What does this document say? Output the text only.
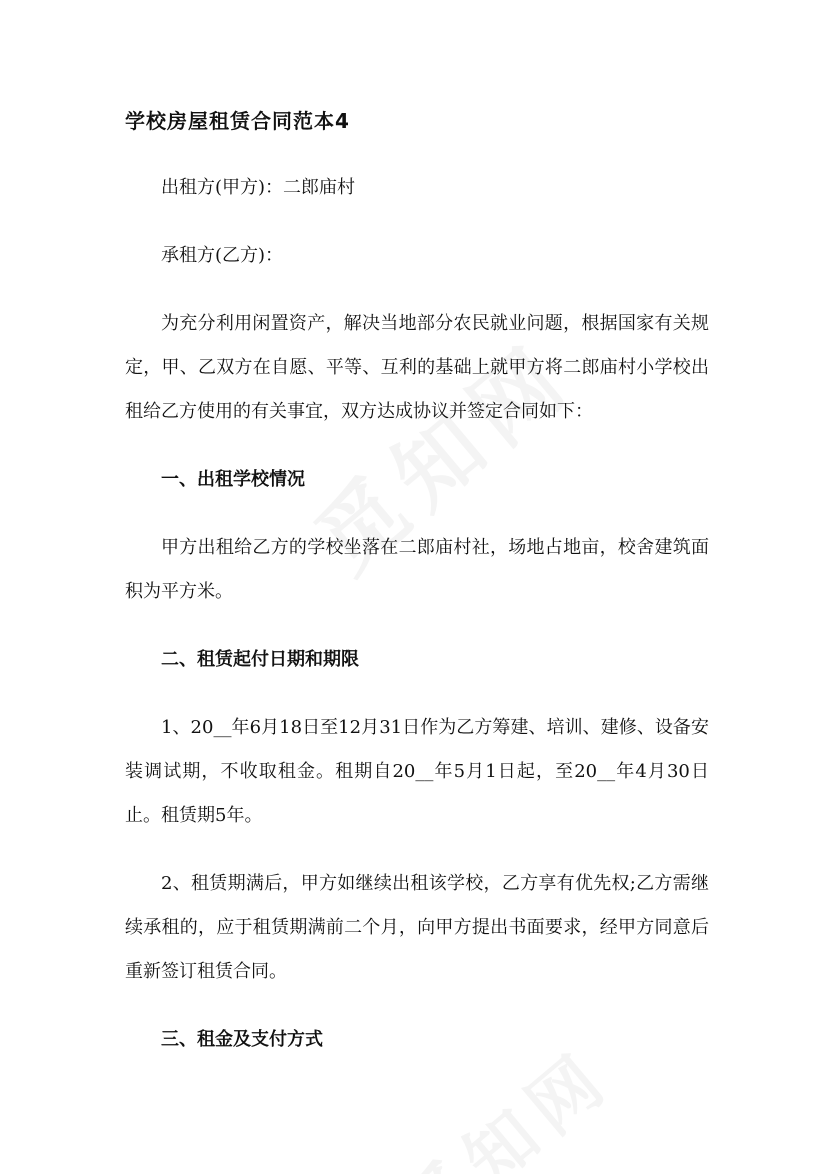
学校房屋租赁合同范本4

出租方(甲方)：二郎庙村

承租方(乙方)：

为充分利用闲置资产，解决当地部分农民就业问题，根据国家有关规定，甲、乙双方在自愿、平等、互利的基础上就甲方将二郎庙村小学校出租给乙方使用的有关事宜，双方达成协议并签定合同如下：

一、出租学校情况

甲方出租给乙方的学校坐落在二郎庙村社，场地占地亩，校舍建筑面积为平方米。

二、租赁起付日期和期限

1、20__年6月18日至12月31日作为乙方筹建、培训、建修、设备安装调试期，不收取租金。租期自20__年5月1日起，至20__年4月30日止。租赁期5年。

2、租赁期满后，甲方如继续出租该学校，乙方享有优先权;乙方需继续承租的，应于租赁期满前二个月，向甲方提出书面要求，经甲方同意后重新签订租赁合同。

三、租金及支付方式
